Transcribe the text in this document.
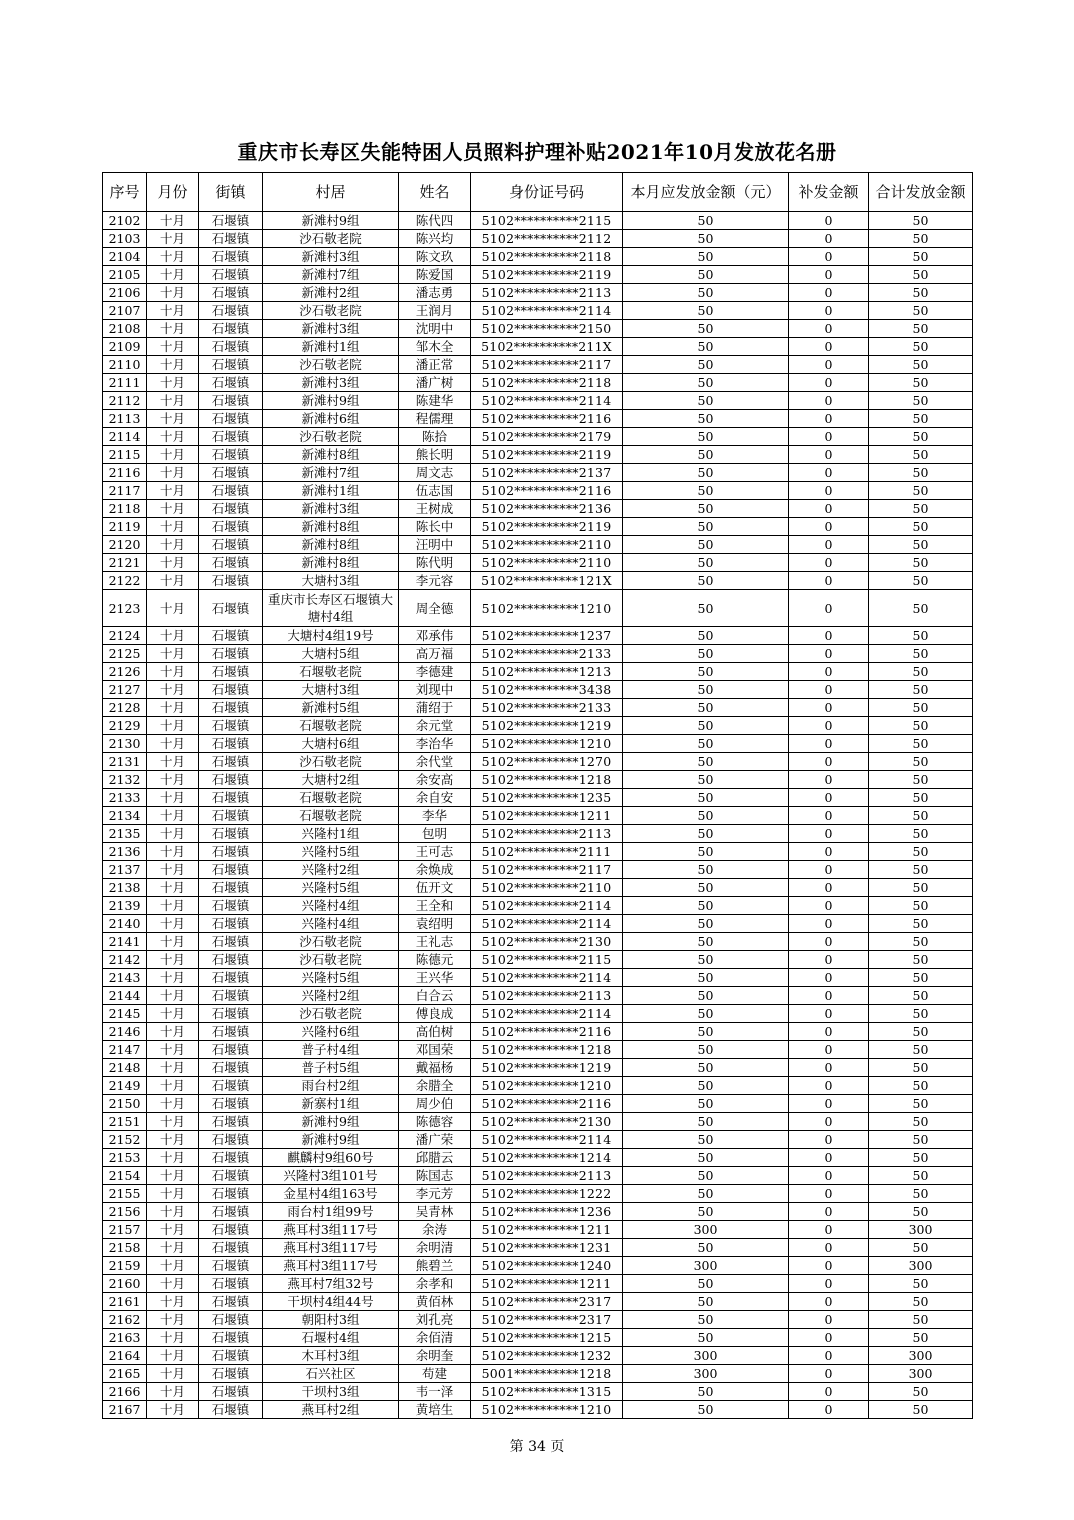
重庆市长寿区失能特困人员照料护理补贴2021年10月发放花名册
序号	月份	街镇	村居	姓名	身份证号码	本月应发放金额（元）	补发金额	合计发放金额
2102	十月	石堰镇	新滩村9组	陈代四	5102**********2115	50	0	50
2103	十月	石堰镇	沙石敬老院	陈兴均	5102**********2112	50	0	50
2104	十月	石堰镇	新滩村3组	陈文玖	5102**********2118	50	0	50
2105	十月	石堰镇	新滩村7组	陈爱国	5102**********2119	50	0	50
2106	十月	石堰镇	新滩村2组	潘志勇	5102**********2113	50	0	50
2107	十月	石堰镇	沙石敬老院	王润月	5102**********2114	50	0	50
2108	十月	石堰镇	新滩村3组	沈明中	5102**********2150	50	0	50
2109	十月	石堰镇	新滩村1组	邹木全	5102**********211X	50	0	50
2110	十月	石堰镇	沙石敬老院	潘正常	5102**********2117	50	0	50
2111	十月	石堰镇	新滩村3组	潘广树	5102**********2118	50	0	50
2112	十月	石堰镇	新滩村9组	陈建华	5102**********2114	50	0	50
2113	十月	石堰镇	新滩村6组	程儒理	5102**********2116	50	0	50
2114	十月	石堰镇	沙石敬老院	陈拾	5102**********2179	50	0	50
2115	十月	石堰镇	新滩村8组	熊长明	5102**********2119	50	0	50
2116	十月	石堰镇	新滩村7组	周文志	5102**********2137	50	0	50
2117	十月	石堰镇	新滩村1组	伍志国	5102**********2116	50	0	50
2118	十月	石堰镇	新滩村3组	王树成	5102**********2136	50	0	50
2119	十月	石堰镇	新滩村8组	陈长中	5102**********2119	50	0	50
2120	十月	石堰镇	新滩村8组	汪明中	5102**********2110	50	0	50
2121	十月	石堰镇	新滩村8组	陈代明	5102**********2110	50	0	50
2122	十月	石堰镇	大塘村3组	李元容	5102**********121X	50	0	50
2123	十月	石堰镇	重庆市长寿区石堰镇大塘村4组	周全德	5102**********1210	50	0	50
2124	十月	石堰镇	大塘村4组19号	邓承伟	5102**********1237	50	0	50
2125	十月	石堰镇	大塘村5组	高万福	5102**********2133	50	0	50
2126	十月	石堰镇	石堰敬老院	李德建	5102**********1213	50	0	50
2127	十月	石堰镇	大塘村3组	刘现中	5102**********3438	50	0	50
2128	十月	石堰镇	新滩村5组	蒲绍于	5102**********2133	50	0	50
2129	十月	石堰镇	石堰敬老院	余元堂	5102**********1219	50	0	50
2130	十月	石堰镇	大塘村6组	李治华	5102**********1210	50	0	50
2131	十月	石堰镇	沙石敬老院	余代堂	5102**********1270	50	0	50
2132	十月	石堰镇	大塘村2组	余安高	5102**********1218	50	0	50
2133	十月	石堰镇	石堰敬老院	余自安	5102**********1235	50	0	50
2134	十月	石堰镇	石堰敬老院	李华	5102**********1211	50	0	50
2135	十月	石堰镇	兴隆村1组	包明	5102**********2113	50	0	50
2136	十月	石堰镇	兴隆村5组	王可志	5102**********2111	50	0	50
2137	十月	石堰镇	兴隆村2组	余焕成	5102**********2117	50	0	50
2138	十月	石堰镇	兴隆村5组	伍开文	5102**********2110	50	0	50
2139	十月	石堰镇	兴隆村4组	王全和	5102**********2114	50	0	50
2140	十月	石堰镇	兴隆村4组	袁绍明	5102**********2114	50	0	50
2141	十月	石堰镇	沙石敬老院	王礼志	5102**********2130	50	0	50
2142	十月	石堰镇	沙石敬老院	陈德元	5102**********2115	50	0	50
2143	十月	石堰镇	兴隆村5组	王兴华	5102**********2114	50	0	50
2144	十月	石堰镇	兴隆村2组	白合云	5102**********2113	50	0	50
2145	十月	石堰镇	沙石敬老院	傅良成	5102**********2114	50	0	50
2146	十月	石堰镇	兴隆村6组	高伯树	5102**********2116	50	0	50
2147	十月	石堰镇	普子村4组	邓国荣	5102**********1218	50	0	50
2148	十月	石堰镇	普子村5组	戴福杨	5102**********1219	50	0	50
2149	十月	石堰镇	雨台村2组	余腊全	5102**********1210	50	0	50
2150	十月	石堰镇	新寨村1组	周少伯	5102**********2116	50	0	50
2151	十月	石堰镇	新滩村9组	陈德容	5102**********2130	50	0	50
2152	十月	石堰镇	新滩村9组	潘广荣	5102**********2114	50	0	50
2153	十月	石堰镇	麒麟村9组60号	邱腊云	5102**********1214	50	0	50
2154	十月	石堰镇	兴隆村3组101号	陈国志	5102**********2113	50	0	50
2155	十月	石堰镇	金星村4组163号	李元芳	5102**********1222	50	0	50
2156	十月	石堰镇	雨台村1组99号	吴青林	5102**********1236	50	0	50
2157	十月	石堰镇	燕耳村3组117号	余涛	5102**********1211	300	0	300
2158	十月	石堰镇	燕耳村3组117号	余明清	5102**********1231	50	0	50
2159	十月	石堰镇	燕耳村3组117号	熊碧兰	5102**********1240	300	0	300
2160	十月	石堰镇	燕耳村7组32号	余孝和	5102**********1211	50	0	50
2161	十月	石堰镇	干坝村4组44号	黄佰林	5102**********2317	50	0	50
2162	十月	石堰镇	朝阳村3组	刘孔亮	5102**********2317	50	0	50
2163	十月	石堰镇	石堰村4组	余佰清	5102**********1215	50	0	50
2164	十月	石堰镇	木耳村3组	余明奎	5102**********1232	300	0	300
2165	十月	石堰镇	石兴社区	苟建	5001**********1218	300	0	300
2166	十月	石堰镇	干坝村3组	韦一泽	5102**********1315	50	0	50
2167	十月	石堰镇	燕耳村2组	黄培生	5102**********1210	50	0	50
第 34 页
